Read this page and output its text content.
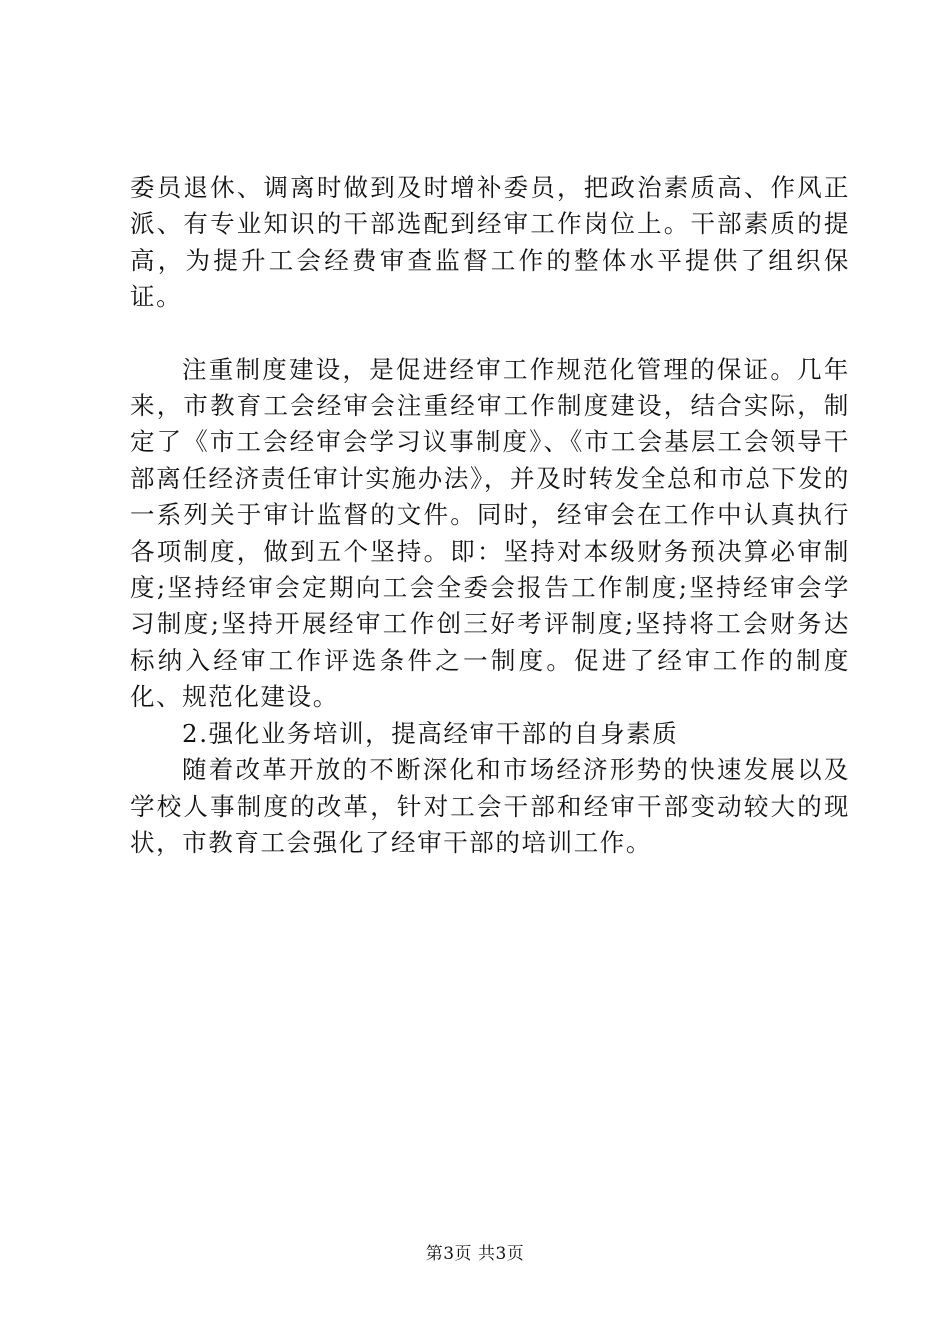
委员退休、调离时做到及时增补委员，把政治素质高、作风正派、有专业知识的干部选配到经审工作岗位上。干部素质的提高，为提升工会经费审查监督工作的整体水平提供了组织保证。

注重制度建设，是促进经审工作规范化管理的保证。几年来，市教育工会经审会注重经审工作制度建设，结合实际，制定了《市工会经审会学习议事制度》、《市工会基层工会领导干部离任经济责任审计实施办法》，并及时转发全总和市总下发的一系列关于审计监督的文件。同时，经审会在工作中认真执行各项制度，做到五个坚持。即：坚持对本级财务预决算必审制度;坚持经审会定期向工会全委会报告工作制度;坚持经审会学习制度;坚持开展经审工作创三好考评制度;坚持将工会财务达标纳入经审工作评选条件之一制度。促进了经审工作的制度化、规范化建设。

2.强化业务培训，提高经审干部的自身素质

随着改革开放的不断深化和市场经济形势的快速发展以及学校人事制度的改革，针对工会干部和经审干部变动较大的现状，市教育工会强化了经审干部的培训工作。

第3页 共3页
